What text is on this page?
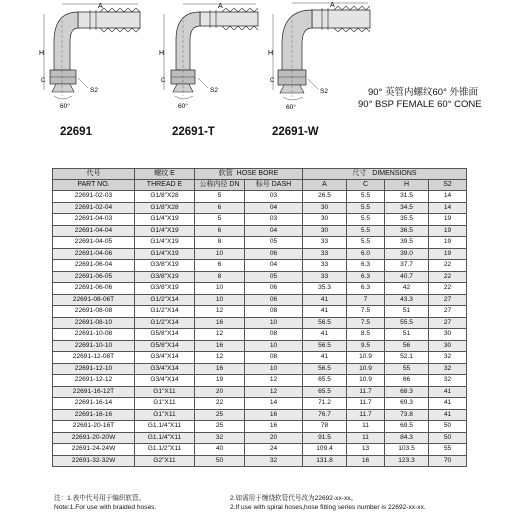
A
H
C
S2
60°
A
H
C
S2
60°
A
H
C
S2
60°
90° 英管内螺纹60° 外锥面
90° BSP FEMALE 60° CONE
22691	22691-T	22691-W
代号	螺纹 E	软管 HOSE BORE		尺寸 DIMENSIONS			
PART NO.	THREAD E	公称内径 DN	标号 DASH	A	C	H	S2
22691-02-03	G1/8"X28	5	03	26.5	5.5	31.5	14
22691-02-04	G1/8"X28	6	04	30	5.5	34.5	14
22691-04-03	G1/4"X19	5	03	30	5.5	35.5	19
22691-04-04	G1/4"X19	6	04	30	5.5	36.5	19
22691-04-05	G1/4"X19	8	05	33	5.5	39.5	19
22691-04-06	G1/4"X19	10	06	33	6.0	39.0	19
22691-06-04	G3/8"X19	6	04	33	6.3	37.7	22
22691-06-05	G3/8"X19	8	05	33	6.3	40.7	22
22691-06-06	G3/8"X19	10	06	35.3	6.3	42	22
22691-08-06T	G1/2"X14	10	06	41	7	43.3	27
22691-08-08	G1/2"X14	12	08	41	7.5	51	27
22691-08-10	G1/2"X14	16	10	56.5	7.5	55.5	27
22691-10-08	G5/8"X14	12	08	41	8.5	51	30
22691-10-10	G5/8"X14	16	10	56.5	9.5	56	30
22691-12-08T	G3/4"X14	12	08	41	10.9	52.1	32
22691-12-10	G3/4"X14	16	10	56.5	10.9	55	32
22691-12-12	G3/4"X14	19	12	65.5	10.9	66	32
22691-16-12T	G1"X11	20	12	65.5	11.7	68.3	41
22691-16-14	G1"X11	22	14	71.2	11.7	69.3	41
22691-16-16	G1"X11	25	16	76.7	11.7	73.8	41
22691-20-16T	G1.1/4"X11	25	16	78	11	69.5	50
22691-20-20W	G1.1/4"X11	32	20	91.5	11	84.3	50
22691-24-24W	G1.1/2"X11	40	24	109.4	13	103.5	55
22691-32-32W	G2"X11	50	32	131.8	16	123.3	70
注：1.表中代号用于编织软管。	2.如需用于缠绕软管代号改为22692-xx-xx。
Note:1.For use with braided hoses.	2.If use with spiral hoses,hose fitting series number is 22692-xx-xx.
